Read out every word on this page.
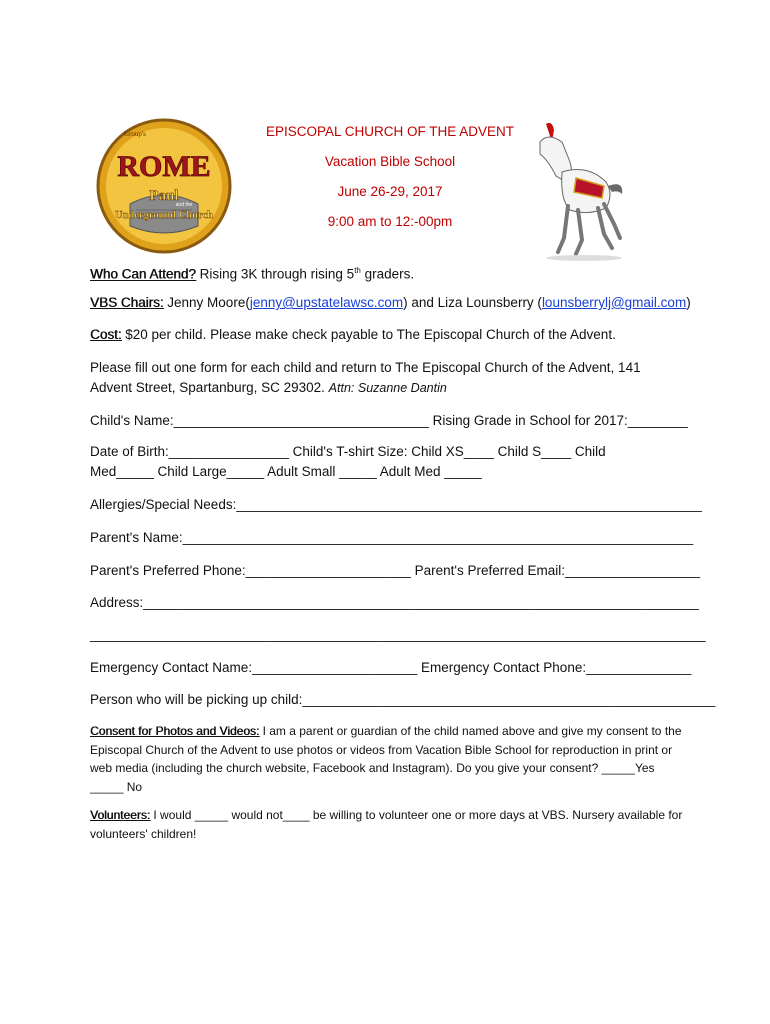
Group's
ROME
Paul
and the
Underground Church
EPISCOPAL CHURCH OF THE ADVENT
Vacation Bible School
June 26-29, 2017
9:00 am to 12:-00pm
Who Can Attend? Rising 3K through rising 5th graders.
VBS Chairs: Jenny Moore(jenny@upstatelawsc.com) and Liza Lounsberry (lounsberrylj@gmail.com)
Cost: $20 per child. Please make check payable to The Episcopal Church of the Advent.
Please fill out one form for each child and return to The Episcopal Church of the Advent, 141
Advent Street, Spartanburg, SC 29302. Attn: Suzanne Dantin
Child's Name:__________________________________ Rising Grade in School for 2017:________
Date of Birth:________________ Child's T-shirt Size: Child XS____ Child S____ Child
Med_____ Child Large_____ Adult Small _____ Adult Med _____
Allergies/Special Needs:______________________________________________________________
Parent's Name:____________________________________________________________________
Parent's Preferred Phone:______________________ Parent's Preferred Email:__________________
Address:__________________________________________________________________________
__________________________________________________________________________________
Emergency Contact Name:______________________ Emergency Contact Phone:______________
Person who will be picking up child:_______________________________________________________
Consent for Photos and Videos: I am a parent or guardian of the child named above and give my consent to the Episcopal Church of the Advent to use photos or videos from Vacation Bible School for reproduction in print or web media (including the church website, Facebook and Instagram). Do you give your consent? _____Yes _____ No
Volunteers: I would _____ would not____ be willing to volunteer one or more days at VBS. Nursery available for volunteers' children!
